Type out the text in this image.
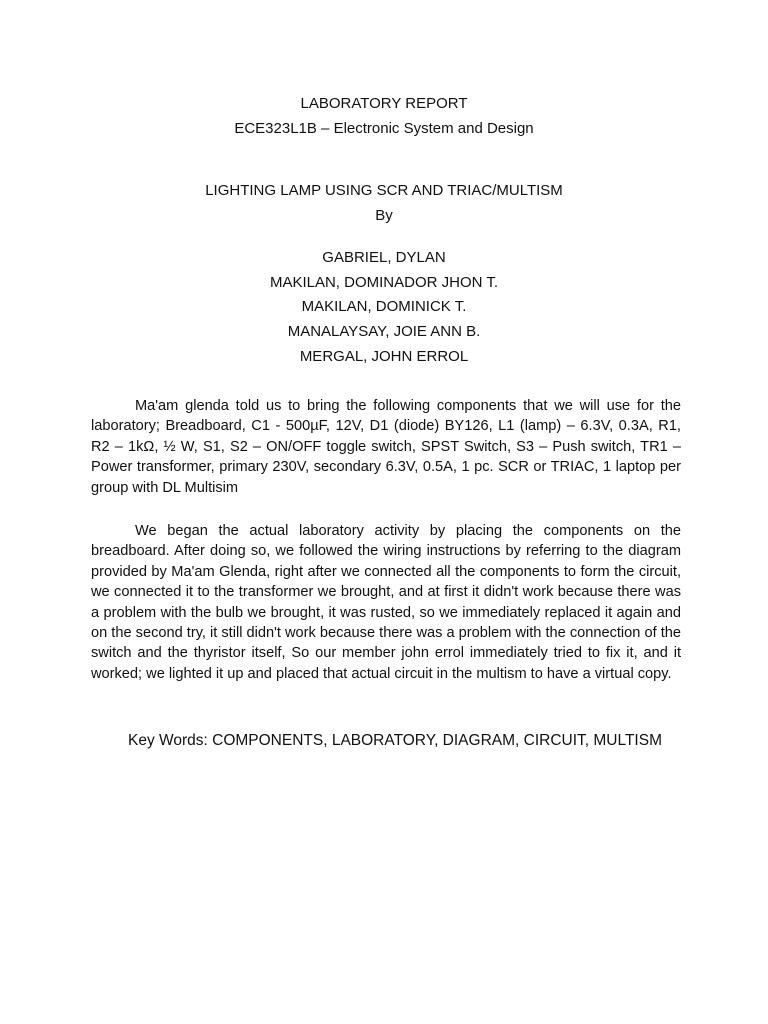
LABORATORY REPORT
ECE323L1B – Electronic System and Design
LIGHTING LAMP USING SCR AND TRIAC/MULTISM
By
GABRIEL, DYLAN
MAKILAN, DOMINADOR JHON T.
MAKILAN, DOMINICK T.
MANALAYSAY, JOIE ANN B.
MERGAL, JOHN ERROL

Ma'am glenda told us to bring the following components that we will use for the laboratory; Breadboard, C1 - 500µF, 12V, D1 (diode) BY126, L1 (lamp) – 6.3V, 0.3A, R1, R2 – 1kΩ, ½ W, S1, S2 – ON/OFF toggle switch, SPST Switch, S3 – Push switch, TR1 – Power transformer, primary 230V, secondary 6.3V, 0.5A, 1 pc. SCR or TRIAC, 1 laptop per group with DL Multisim

We began the actual laboratory activity by placing the components on the breadboard. After doing so, we followed the wiring instructions by referring to the diagram provided by Ma'am Glenda, right after we connected all the components to form the circuit, we connected it to the transformer we brought, and at first it didn't work because there was a problem with the bulb we brought, it was rusted, so we immediately replaced it again and on the second try, it still didn't work because there was a problem with the connection of the switch and the thyristor itself, So our member john errol immediately tried to fix it, and it worked; we lighted it up and placed that actual circuit in the multism to have a virtual copy.

Key Words: COMPONENTS, LABORATORY, DIAGRAM, CIRCUIT, MULTISM
